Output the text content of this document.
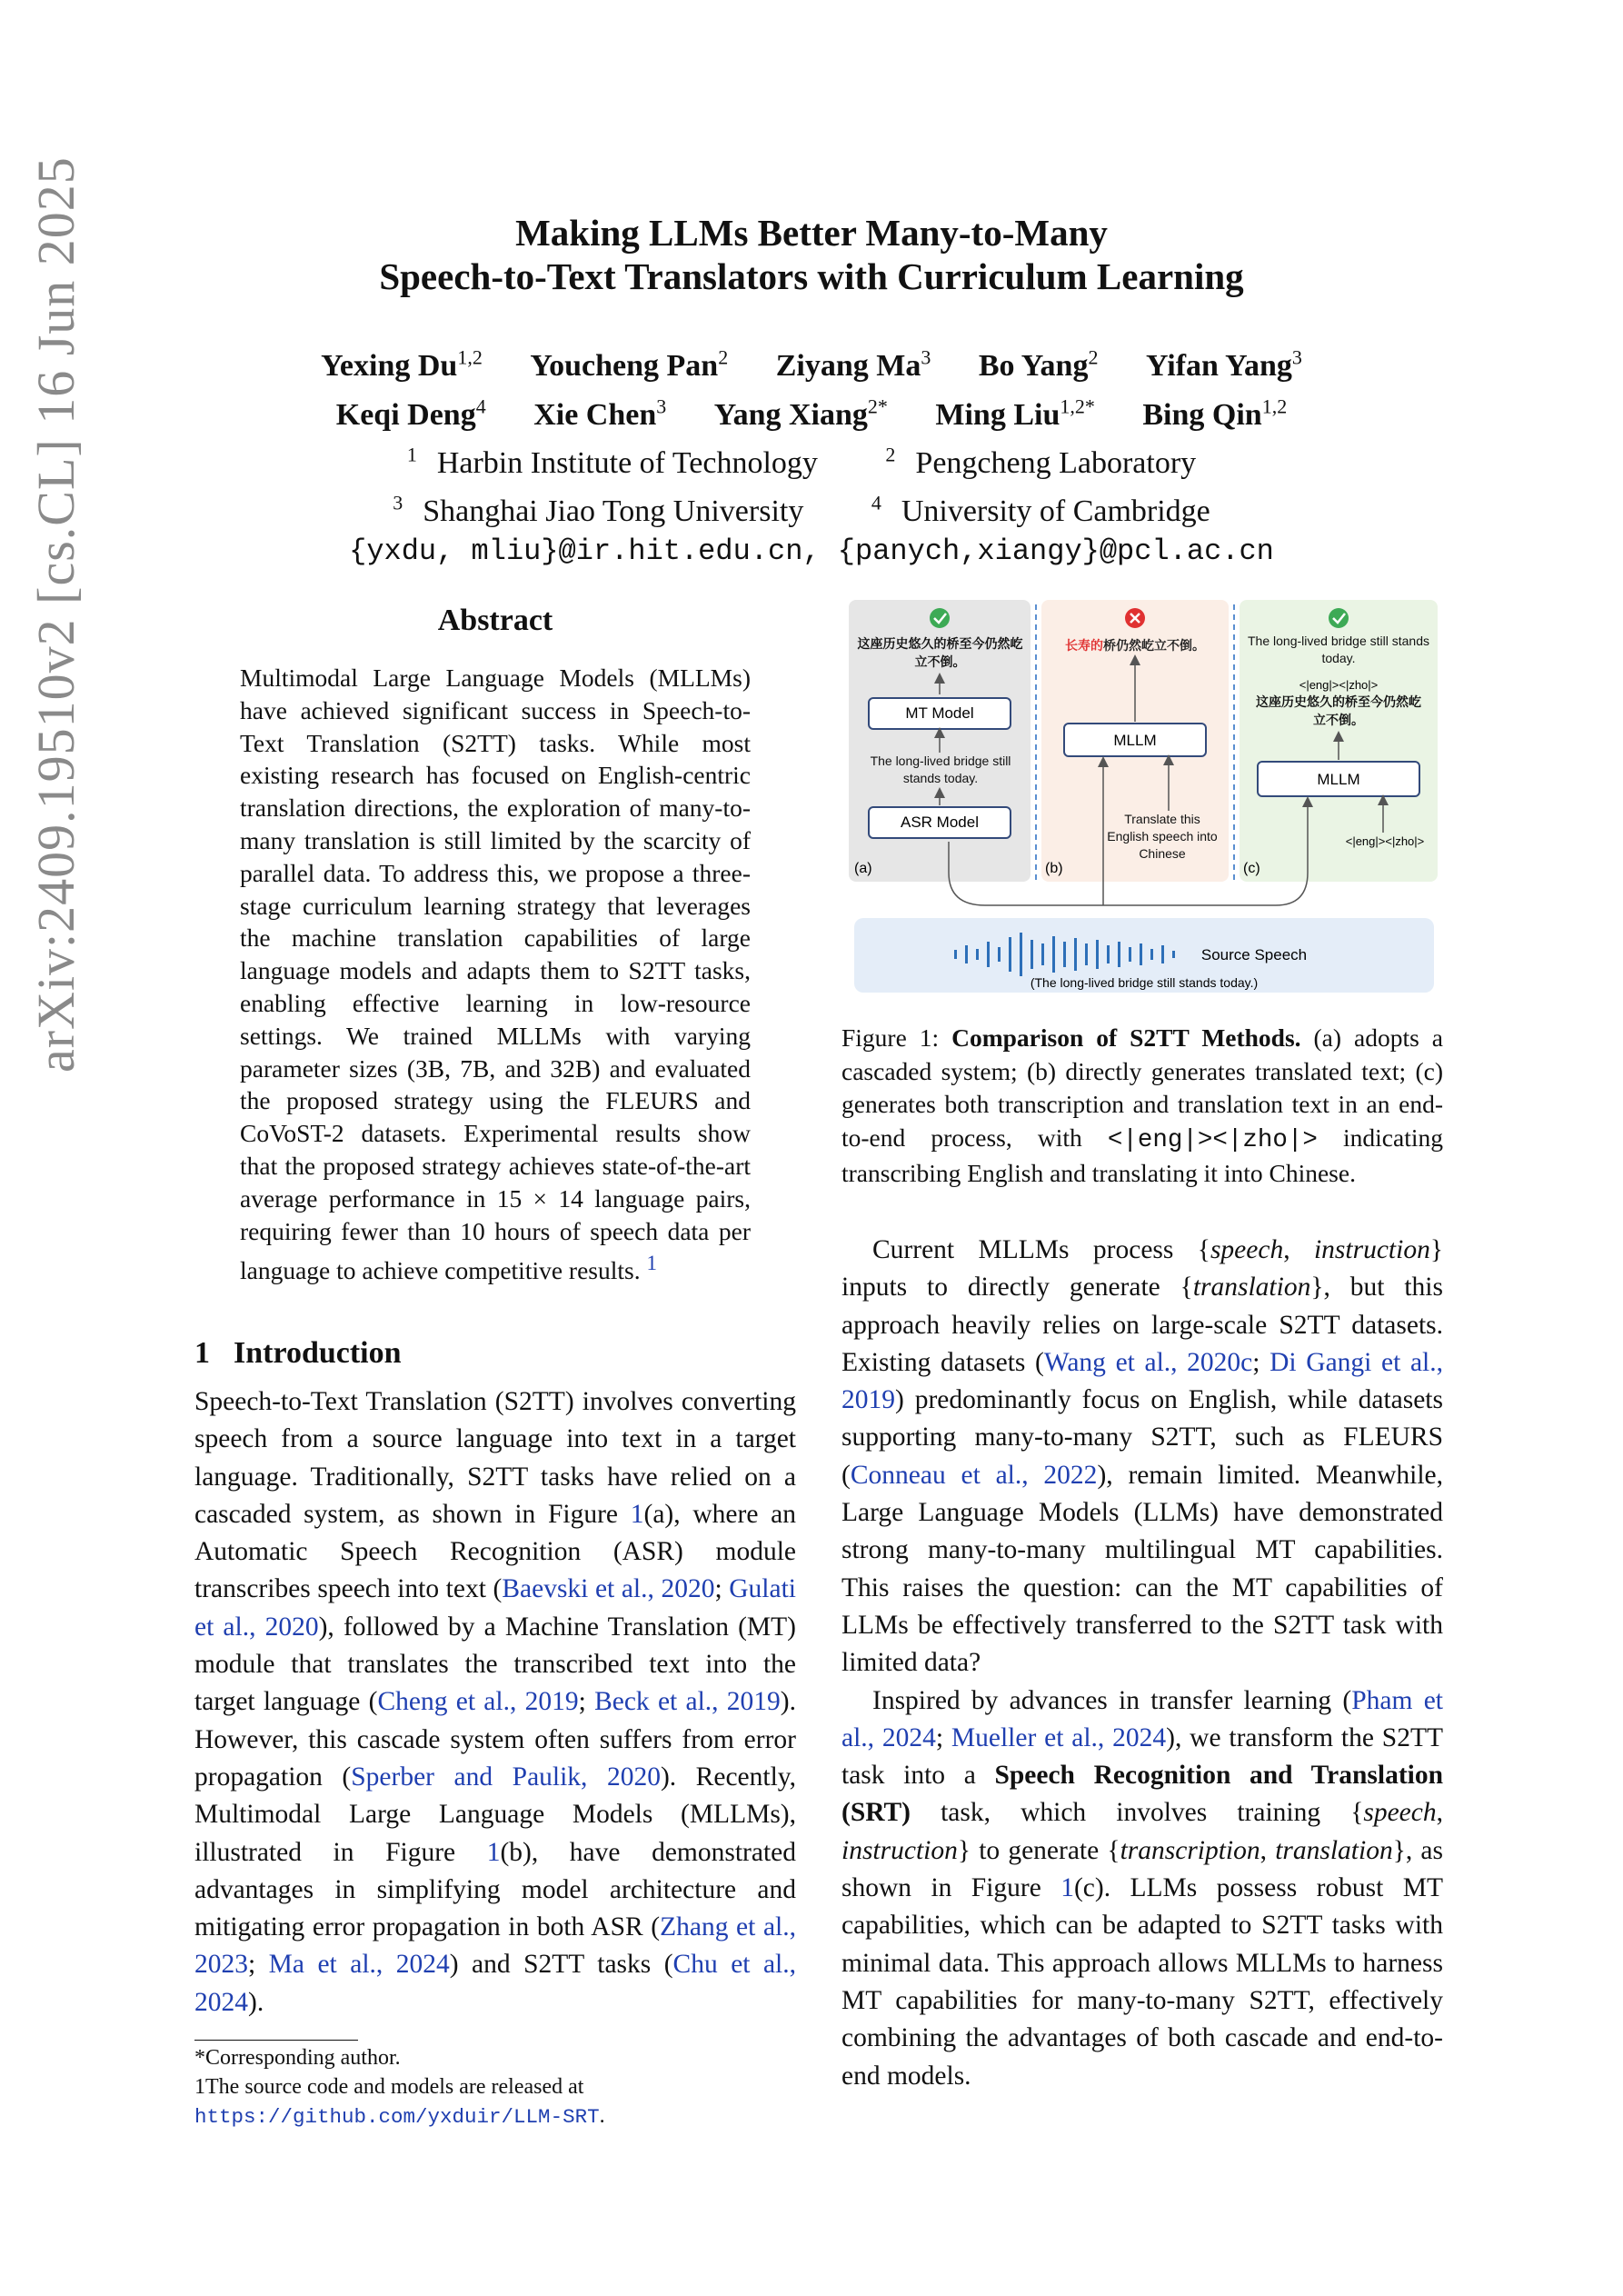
arXiv:2409.19510v2 [cs.CL] 16 Jun 2025	Making LLMs Better Many-to-Many
Speech-to-Text Translators with Curriculum Learning
Yexing Du$^{1,2}$ Youcheng Pan$^2$ Ziyang Ma$^3$ Bo Yang$^2$ Yifan Yang$^3$
Keqi Deng$^4$ Xie Chen$^3$ Yang Xiang$^{2*}$ Ming Liu$^{1,2*}$ Bing Qin$^{1,2}$
$^1$ Harbin Institute of Technology	$^2$ Pengcheng Laboratory
$^3$ Shanghai Jiao Tong University	$^4$ University of Cambridge
{yxdu, mliu}@ir.hit.edu.cn, {panych,xiangy}@pcl.ac.cn
Abstract
Multimodal Large Language Models (MLLMs) have achieved significant success in Speech-to-Text Translation (S2TT) tasks. While most existing research has focused on English-centric translation directions, the exploration of many-to-many translation is still limited by the scarcity of parallel data. To address this, we propose a three-stage curriculum learning strategy that leverages the machine translation capabilities of large language models and adapts them to S2TT tasks, enabling effective learning in low-resource settings. We trained MLLMs with varying parameter sizes (3B, 7B, and 32B) and evaluated the proposed strategy using the FLEURS and CoVoST-2 datasets. Experimental results show that the proposed strategy achieves state-of-the-art average performance in 15 × 14 language pairs, requiring fewer than 10 hours of speech data per language to achieve competitive results. $^1$
1 Introduction

Speech-to-Text Translation (S2TT) involves converting speech from a source language into text in a target language. Traditionally, S2TT tasks have relied on a cascaded system, as shown in Figure 1(a), where an Automatic Speech Recognition (ASR) module transcribes speech into text (Baevski et al., 2020; Gulati et al., 2020), followed by a Machine Translation (MT) module that translates the transcribed text into the target language (Cheng et al., 2019; Beck et al., 2019). However, this cascade system often suffers from error propagation (Sperber and Paulik, 2020). Recently, Multimodal Large Language Models (MLLMs), illustrated in Figure 1(b), have demonstrated advantages in simplifying model architecture and mitigating error propagation in both ASR (Zhang et al., 2023; Ma et al., 2024) and S2TT tasks (Chu et al., 2024).

*Corresponding author.
1The source code and models are released at https://github.com/yxduir/LLM-SRT.
这座历史悠久的桥至今仍然屹立不倒。
MT Model
The long-lived bridge still stands today.
ASR Model
(a)
长寿的桥仍然屹立不倒。
MLLM
Translate this English speech into Chinese
(b)
The long-lived bridge still stands today.
<|eng|><|zho|>
这座历史悠久的桥至今仍然屹立不倒。
MLLM
<|eng|><|zho|>
(c)
Source Speech
(The long-lived bridge still stands today.)
Figure 1: Comparison of S2TT Methods. (a) adopts a cascaded system; (b) directly generates translated text; (c) generates both transcription and translation text in an end-to-end process, with <|eng|><|zho|> indicating transcribing English and translating it into Chinese.

Current MLLMs process {speech, instruction} inputs to directly generate {translation}, but this approach heavily relies on large-scale S2TT datasets. Existing datasets (Wang et al., 2020c; Di Gangi et al., 2019) predominantly focus on English, while datasets supporting many-to-many S2TT, such as FLEURS (Conneau et al., 2022), remain limited. Meanwhile, Large Language Models (LLMs) have demonstrated strong many-to-many multilingual MT capabilities. This raises the question: can the MT capabilities of LLMs be effectively transferred to the S2TT task with limited data?

Inspired by advances in transfer learning (Pham et al., 2024; Mueller et al., 2024), we transform the S2TT task into a Speech Recognition and Translation (SRT) task, which involves training {speech, instruction} to generate {transcription, translation}, as shown in Figure 1(c). LLMs possess robust MT capabilities, which can be adapted to S2TT tasks with minimal data. This approach allows MLLMs to harness MT capabilities for many-to-many S2TT, effectively combining the advantages of both cascade and end-to-end models.
